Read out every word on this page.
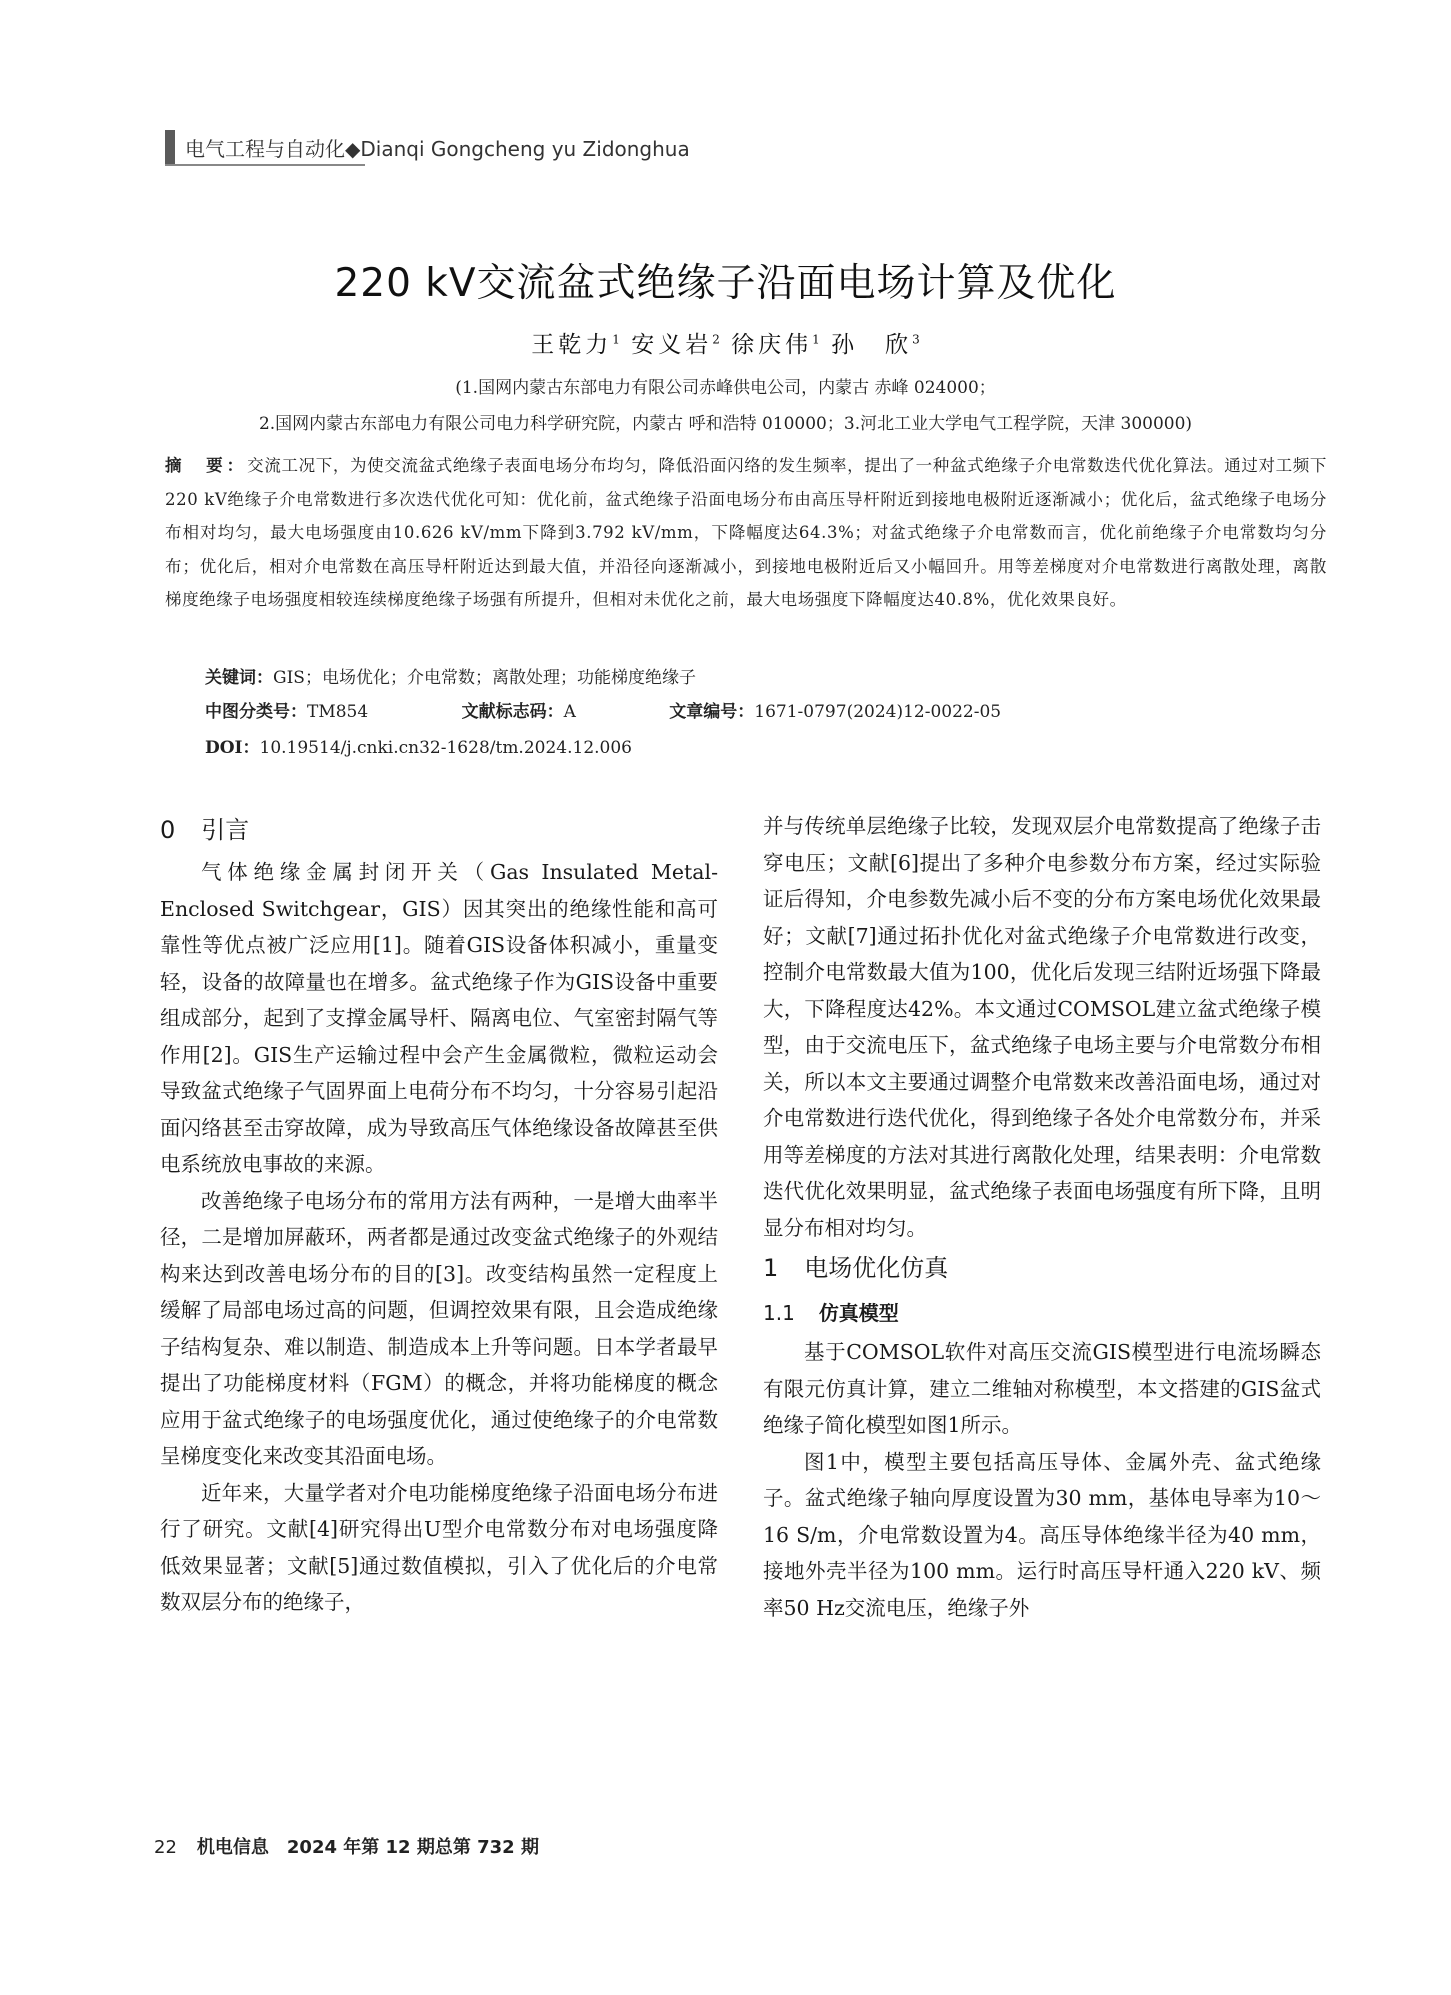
电气工程与自动化◆Dianqi Gongcheng yu Zidonghua
220 kV交流盆式绝缘子沿面电场计算及优化
王乾力$^1$ 安义岩$^2$ 徐庆伟$^1$ 孙　欣$^3$
(1.国网内蒙古东部电力有限公司赤峰供电公司，内蒙古 赤峰 024000；
2.国网内蒙古东部电力有限公司电力科学研究院，内蒙古 呼和浩特 010000；3.河北工业大学电气工程学院，天津 300000)
摘　要：交流工况下，为使交流盆式绝缘子表面电场分布均匀，降低沿面闪络的发生频率，提出了一种盆式绝缘子介电常数迭代优化算法。通过对工频下220 kV绝缘子介电常数进行多次迭代优化可知：优化前，盆式绝缘子沿面电场分布由高压导杆附近到接地电极附近逐渐减小；优化后，盆式绝缘子电场分布相对均匀，最大电场强度由10.626 kV/mm下降到3.792 kV/mm，下降幅度达64.3%；对盆式绝缘子介电常数而言，优化前绝缘子介电常数均匀分布；优化后，相对介电常数在高压导杆附近达到最大值，并沿径向逐渐减小，到接地电极附近后又小幅回升。用等差梯度对介电常数进行离散处理，离散梯度绝缘子电场强度相较连续梯度绝缘子场强有所提升，但相对未优化之前，最大电场强度下降幅度达40.8%，优化效果良好。
关键词：GIS；电场优化；介电常数；离散处理；功能梯度绝缘子
中图分类号：TM854	文献标志码：A	文章编号：1671-0797(2024)12-0022-05
DOI：10.19514/j.cnki.cn32-1628/tm.2024.12.006
0 引言

气体绝缘金属封闭开关（Gas Insulated Metal-Enclosed Switchgear，GIS）因其突出的绝缘性能和高可靠性等优点被广泛应用[1]。随着GIS设备体积减小，重量变轻，设备的故障量也在增多。盆式绝缘子作为GIS设备中重要组成部分，起到了支撑金属导杆、隔离电位、气室密封隔气等作用[2]。GIS生产运输过程中会产生金属微粒，微粒运动会导致盆式绝缘子气固界面上电荷分布不均匀，十分容易引起沿面闪络甚至击穿故障，成为导致高压气体绝缘设备故障甚至供电系统放电事故的来源。

改善绝缘子电场分布的常用方法有两种，一是增大曲率半径，二是增加屏蔽环，两者都是通过改变盆式绝缘子的外观结构来达到改善电场分布的目的[3]。改变结构虽然一定程度上缓解了局部电场过高的问题，但调控效果有限，且会造成绝缘子结构复杂、难以制造、制造成本上升等问题。日本学者最早提出了功能梯度材料（FGM）的概念，并将功能梯度的概念应用于盆式绝缘子的电场强度优化，通过使绝缘子的介电常数呈梯度变化来改变其沿面电场。

近年来，大量学者对介电功能梯度绝缘子沿面电场分布进行了研究。文献[4]研究得出U型介电常数分布对电场强度降低效果显著；文献[5]通过数值模拟，引入了优化后的介电常数双层分布的绝缘子，

并与传统单层绝缘子比较，发现双层介电常数提高了绝缘子击穿电压；文献[6]提出了多种介电参数分布方案，经过实际验证后得知，介电参数先减小后不变的分布方案电场优化效果最好；文献[7]通过拓扑优化对盆式绝缘子介电常数进行改变，控制介电常数最大值为100，优化后发现三结附近场强下降最大，下降程度达42%。本文通过COMSOL建立盆式绝缘子模型，由于交流电压下，盆式绝缘子电场主要与介电常数分布相关，所以本文主要通过调整介电常数来改善沿面电场，通过对介电常数进行迭代优化，得到绝缘子各处介电常数分布，并采用等差梯度的方法对其进行离散化处理，结果表明：介电常数迭代优化效果明显，盆式绝缘子表面电场强度有所下降，且明显分布相对均匀。

1 电场优化仿真
1.1 仿真模型

基于COMSOL软件对高压交流GIS模型进行电流场瞬态有限元仿真计算，建立二维轴对称模型，本文搭建的GIS盆式绝缘子简化模型如图1所示。

图1中，模型主要包括高压导体、金属外壳、盆式绝缘子。盆式绝缘子轴向厚度设置为30 mm，基体电导率为10～16 S/m，介电常数设置为4。高压导体绝缘半径为40 mm，接地外壳半径为100 mm。运行时高压导杆通入220 kV、频率50 Hz交流电压，绝缘子外

22 机电信息　2024 年第 12 期总第 732 期
